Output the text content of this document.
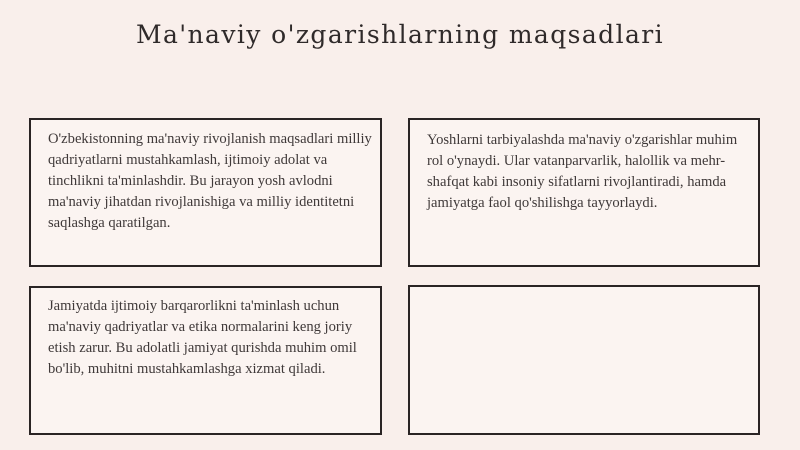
Ma'naviy o'zgarishlarning maqsadlari

O'zbekistonning ma'naviy rivojlanish maqsadlari milliy qadriyatlarni mustahkamlash, ijtimoiy adolat va tinchlikni ta'minlashdir. Bu jarayon yosh avlodni ma'naviy jihatdan rivojlanishiga va milliy identitetni saqlashga qaratilgan.

Yoshlarni tarbiyalashda ma'naviy o'zgarishlar muhim rol o'ynaydi. Ular vatanparvarlik, halollik va mehr-shafqat kabi insoniy sifatlarni rivojlantiradi, hamda jamiyatga faol qo'shilishga tayyorlaydi.

Jamiyatda ijtimoiy barqarorlikni ta'minlash uchun ma'naviy qadriyatlar va etika normalarini keng joriy etish zarur. Bu adolatli jamiyat qurishda muhim omil bo'lib, muhitni mustahkamlashga xizmat qiladi.
